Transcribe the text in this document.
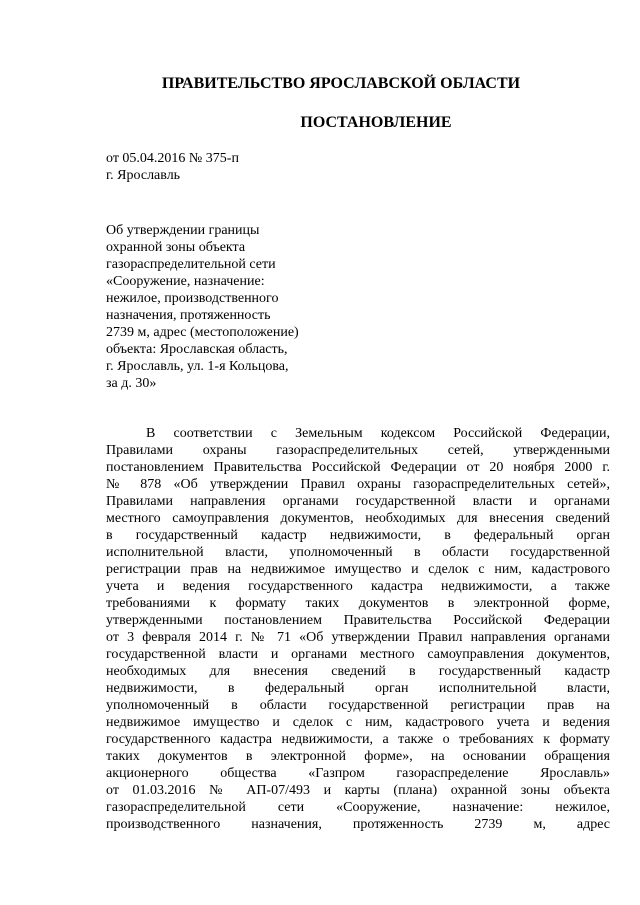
ПРАВИТЕЛЬСТВО ЯРОСЛАВСКОЙ ОБЛАСТИ
ПОСТАНОВЛЕНИЕ
от 05.04.2016 № 375-п
г. Ярославль
Об утверждении границы
охранной зоны объекта
газораспределительной сети
«Сооружение, назначение:
нежилое, производственного
назначения, протяженность
2739 м, адрес (местоположение)
объекта: Ярославская область,
г. Ярославль, ул. 1-я Кольцова,
за д. 30»
В соответствии с Земельным кодексом Российской Федерации,
Правилами охраны газораспределительных сетей, утвержденными
постановлением Правительства Российской Федерации от 20 ноября 2000 г.
№ 878 «Об утверждении Правил охраны газораспределительных сетей»,
Правилами направления органами государственной власти и органами
местного самоуправления документов, необходимых для внесения сведений
в государственный кадастр недвижимости, в федеральный орган
исполнительной власти, уполномоченный в области государственной
регистрации прав на недвижимое имущество и сделок с ним, кадастрового
учета и ведения государственного кадастра недвижимости, а также
требованиями к формату таких документов в электронной форме,
утвержденными постановлением Правительства Российской Федерации
от 3 февраля 2014 г. № 71 «Об утверждении Правил направления органами
государственной власти и органами местного самоуправления документов,
необходимых для внесения сведений в государственный кадастр
недвижимости, в федеральный орган исполнительной власти,
уполномоченный в области государственной регистрации прав на
недвижимое имущество и сделок с ним, кадастрового учета и ведения
государственного кадастра недвижимости, а также о требованиях к формату
таких документов в электронной форме», на основании обращения
акционерного общества «Газпром газораспределение Ярославль»
от 01.03.2016 № АП-07/493 и карты (плана) охранной зоны объекта
газораспределительной сети «Сооружение, назначение: нежилое,
производственного назначения, протяженность 2739 м, адрес
